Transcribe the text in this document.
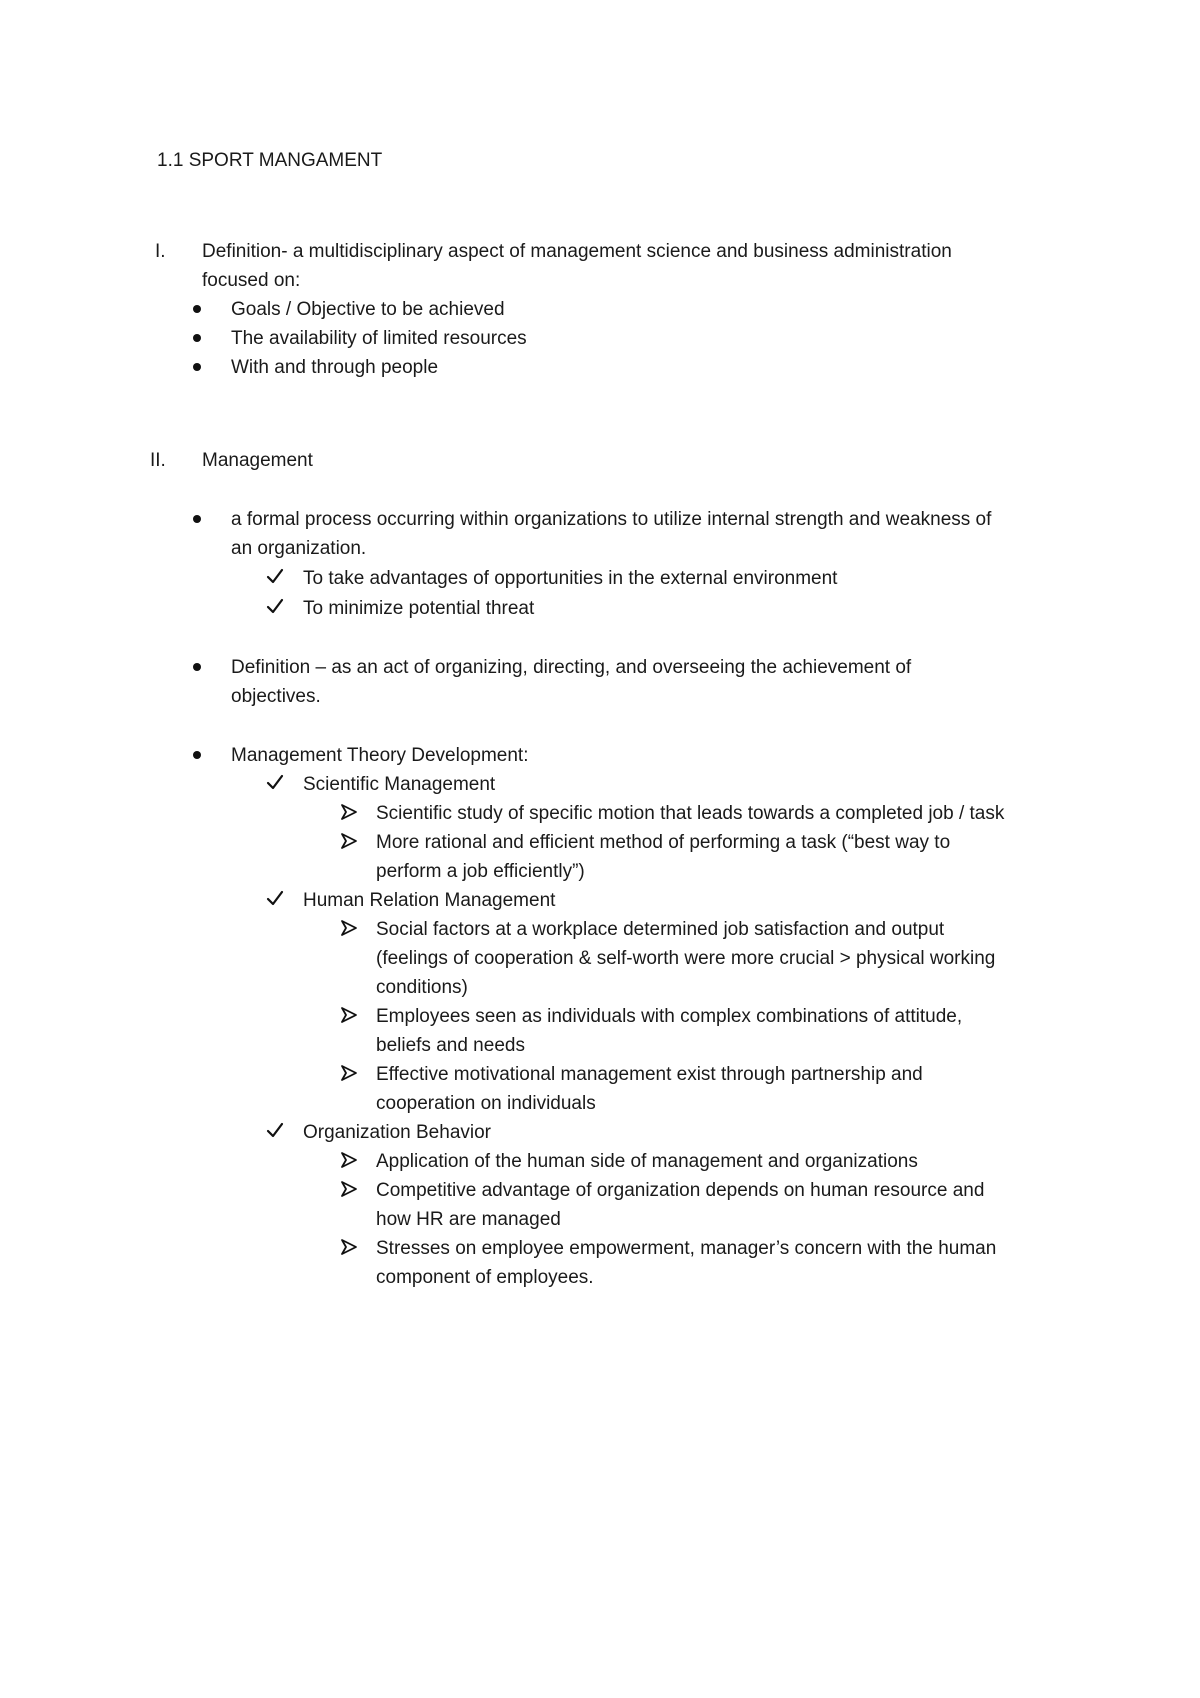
1.1 SPORT MANGAMENT
I. Definition- a multidisciplinary aspect of management science and business administration
focused on:
Goals / Objective to be achieved
The availability of limited resources
With and through people
II. Management
a formal process occurring within organizations to utilize internal strength and weakness of
an organization.
To take advantages of opportunities in the external environment
To minimize potential threat
Definition – as an act of organizing, directing, and overseeing the achievement of
objectives.
Management Theory Development:
Scientific Management
Scientific study of specific motion that leads towards a completed job / task
More rational and efficient method of performing a task (“best way to
perform a job efficiently”)
Human Relation Management
Social factors at a workplace determined job satisfaction and output
(feelings of cooperation & self-worth were more crucial > physical working
conditions)
Employees seen as individuals with complex combinations of attitude,
beliefs and needs
Effective motivational management exist through partnership and
cooperation on individuals
Organization Behavior
Application of the human side of management and organizations
Competitive advantage of organization depends on human resource and
how HR are managed
Stresses on employee empowerment, manager’s concern with the human
component of employees.
